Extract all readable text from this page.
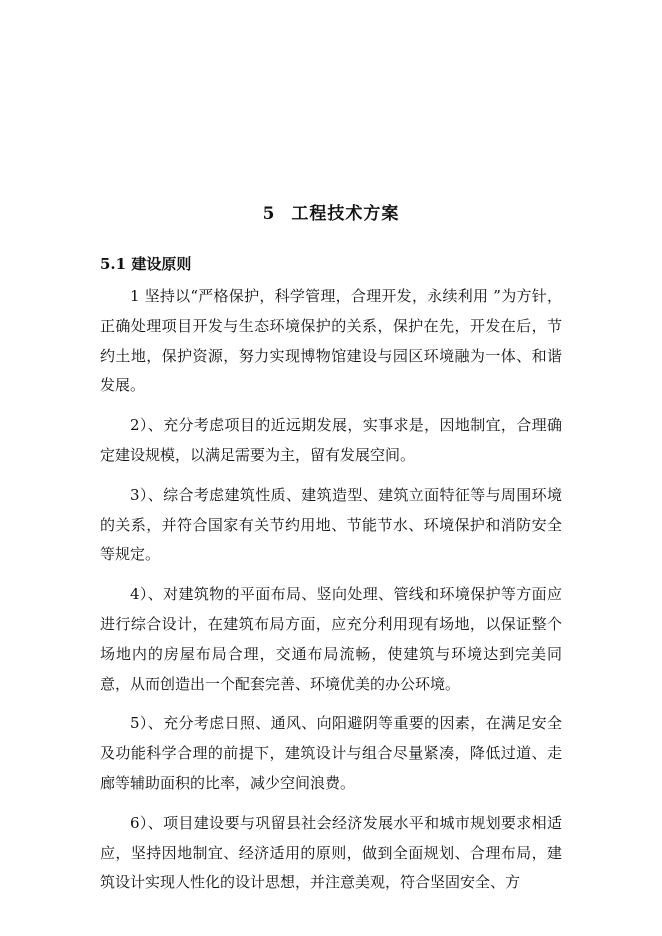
5 工程技术方案
5.1 建设原则

1 坚持以“严格保护，科学管理，合理开发，永续利用 ”为方针，正确处理项目开发与生态环境保护的关系，保护在先，开发在后，节约土地，保护资源，努力实现博物馆建设与园区环境融为一体、和谐发展。

2）、充分考虑项目的近远期发展，实事求是，因地制宜，合理确定建设规模，以满足需要为主，留有发展空间。

3）、综合考虑建筑性质、建筑造型、建筑立面特征等与周围环境的关系，并符合国家有关节约用地、节能节水、环境保护和消防安全等规定。

4）、对建筑物的平面布局、竖向处理、管线和环境保护等方面应进行综合设计，在建筑布局方面，应充分利用现有场地，以保证整个场地内的房屋布局合理，交通布局流畅，使建筑与环境达到完美同意，从而创造出一个配套完善、环境优美的办公环境。

5）、充分考虑日照、通风、向阳避阴等重要的因素，在满足安全及功能科学合理的前提下，建筑设计与组合尽量紧凑，降低过道、走廊等辅助面积的比率，减少空间浪费。

6）、项目建设要与巩留县社会经济发展水平和城市规划要求相适应，坚持因地制宜、经济适用的原则，做到全面规划、合理布局，建筑设计实现人性化的设计思想，并注意美观，符合坚固安全、方
